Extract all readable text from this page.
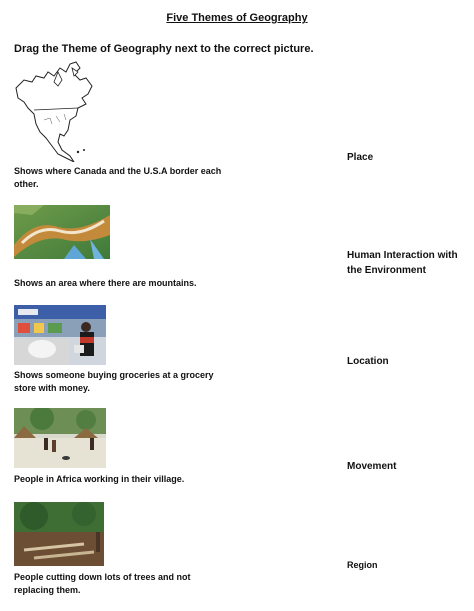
Five Themes of Geography
Drag the Theme of Geography next to the correct picture.
Shows where Canada and the U.S.A border each other.
Shows an area where there are mountains.
Shows someone buying groceries at a grocery store with money.
People in Africa working in their village.
People cutting down lots of trees and not replacing them.
Place
Human Interaction with the Environment
Location
Movement
Region
